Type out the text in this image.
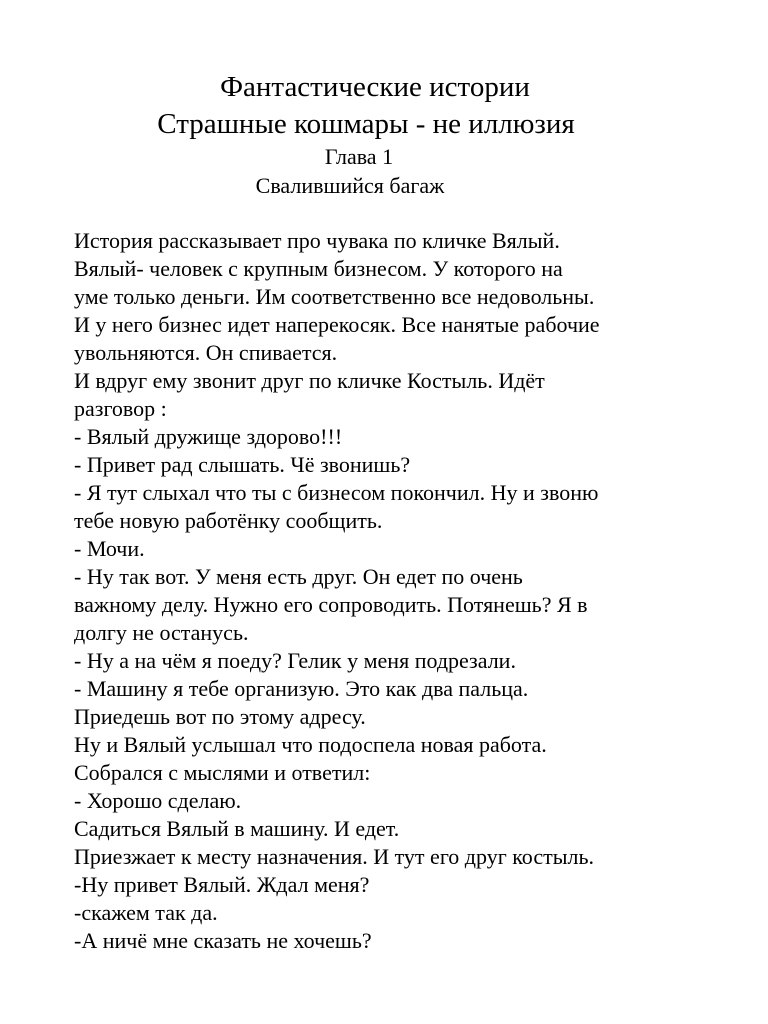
Фантастические истории
Страшные кошмары - не иллюзия
Глава 1
Свалившийся багаж
История рассказывает про чувака по кличке Вялый.
Вялый- человек с крупным бизнесом. У которого на
уме только деньги. Им соответственно все недовольны.
И у него бизнес идет наперекосяк. Все нанятые рабочие
увольняются. Он спивается.
И вдруг ему звонит друг по кличке Костыль. Идёт
разговор :
- Вялый дружище здорово!!!
- Привет рад слышать. Чё звонишь?
- Я тут слыхал что ты с бизнесом покончил. Ну и звоню
тебе новую работёнку сообщить.
- Мочи.
- Ну так вот. У меня есть друг. Он едет по очень
важному делу. Нужно его сопроводить. Потянешь? Я в
долгу не останусь.
- Ну а на чём я поеду? Гелик у меня подрезали.
- Машину я тебе организую. Это как два пальца.
Приедешь вот по этому адресу.
Ну и Вялый услышал что подоспела новая работа.
Собрался с мыслями и ответил:
- Хорошо сделаю.
Садиться Вялый в машину. И едет.
Приезжает к месту назначения. И тут его друг костыль.
-Ну привет Вялый. Ждал меня?
-скажем так да.
-А ничё мне сказать не хочешь?
